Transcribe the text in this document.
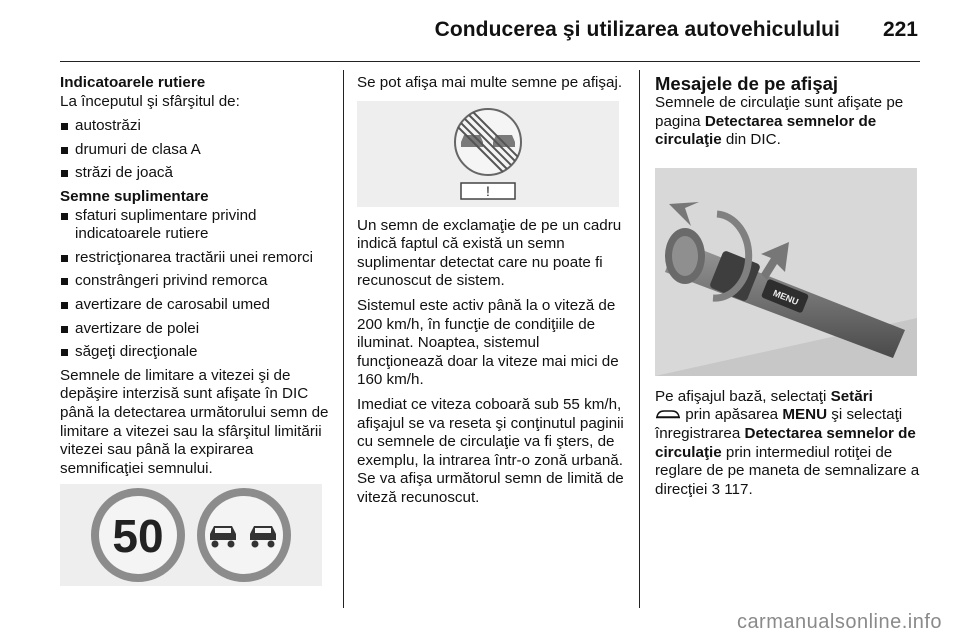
Conducerea şi utilizarea autovehiculului 221
Indicatoarele rutiere

La începutul şi sfârşitul de:

autostrăzi
drumuri de clasa A
străzi de joacă
Semne suplimentare
sfaturi suplimentare privind indicatoarele rutiere
restricţionarea tractării unei remorci
constrângeri privind remorca
avertizare de carosabil umed
avertizare de polei
săgeţi direcţionale

Semnele de limitare a vitezei şi de depăşire interzisă sunt afişate în DIC până la detectarea următorului semn de limitare a vitezei sau la sfârşitul limitării vitezei sau până la expirarea semnificaţiei semnului.

50

Se pot afişa mai multe semne pe afişaj.

!

Un semn de exclamaţie de pe un cadru indică faptul că există un semn suplimentar detectat care nu poate fi recunoscut de sistem.

Sistemul este activ până la o viteză de 200 km/h, în funcţie de condiţiile de iluminat. Noaptea, sistemul funcţionează doar la viteze mai mici de 160 km/h.

Imediat ce viteza coboară sub 55 km/h, afişajul se va reseta şi conţinutul paginii cu semnele de circulaţie va fi şters, de exemplu, la intrarea într-o zonă urbană. Se va afişa următorul semn de limită de viteză recunoscut.

Mesajele de pe afişaj

Semnele de circulaţie sunt afişate pe pagina Detectarea semnelor de circulaţie din DIC.

MENU

Pe afişajul bază, selectaţi Setări
prin apăsarea MENU şi selectaţi înregistrarea Detectarea semnelor de circulaţie prin intermediul rotiţei de reglare de pe maneta de semnalizare a direcţiei 3 117.

carmanualsonline.info
